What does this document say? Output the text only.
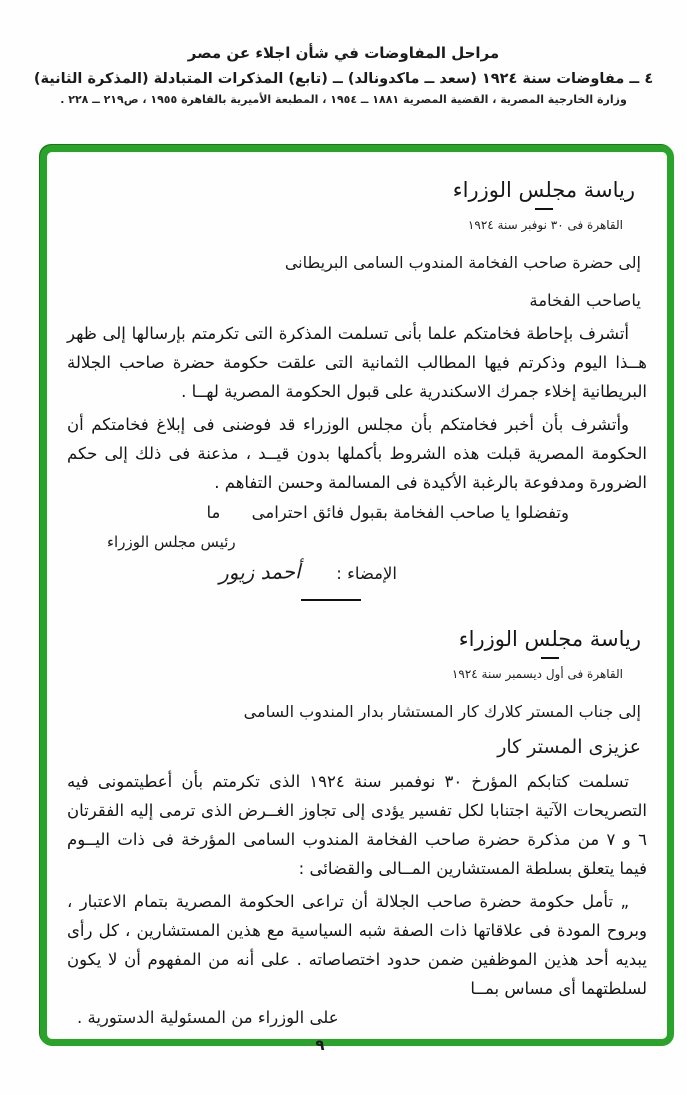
مراحل المفاوضات في شأن اجلاء عن مصر
٤ ــ مفاوضات سنة ١٩٢٤ (سعد ــ ماكدونالد) ــ (تابع) المذكرات المتبادلة (المذكرة الثانية)
وزارة الخارجية المصرية ، القضية المصرية ١٨٨١ ــ ١٩٥٤ ، المطبعة الأميرية بالقاهرة ١٩٥٥ ، ص٢١٩ ــ ٢٢٨ .
رياسة مجلس الوزراء
القاهرة فى ٣٠ نوفبر سنة ١٩٢٤
إلى حضرة صاحب الفخامة المندوب السامى البريطانى
ياصاحب الفخامة

أتشرف بإحاطة فخامتكم علما بأنى تسلمت المذكرة التى تكرمتم بإرسالها إلى ظهر هــذا اليوم وذكرتم فيها المطالب الثمانية التى علقت حكومة حضرة صاحب الجلالة البريطانية إخلاء جمرك الاسكندرية على قبول الحكومة المصرية لهــا .

وأتشرف بأن أخبر فخامتكم بأن مجلس الوزراء قد فوضنى فى إبلاغ فخامتكم أن الحكومة المصرية قبلت هذه الشروط بأكملها بدون قيــد ، مذعنة فى ذلك إلى حكم الضرورة ومدفوعة بالرغبة الأكيدة فى المسالمة وحسن التفاهم .

وتفضلوا يا صاحب الفخامة بقبول فائق احترامى ما
رئيس مجلس الوزراء
الإمضاء : أحمد زيور
رياسة مجلس الوزراء
القاهرة فى أول ديسمبر سنة ١٩٢٤
إلى جناب المستر كلارك كار المستشار بدار المندوب السامى
عزيزى المستر كار

تسلمت كتابكم المؤرخ ٣٠ نوفمبر سنة ١٩٢٤ الذى تكرمتم بأن أعطيتمونى فيه التصريحات الآتية اجتنابا لكل تفسير يؤدى إلى تجاوز الغــرض الذى ترمى إليه الفقرتان ٦ و ٧ من مذكرة حضرة صاحب الفخامة المندوب السامى المؤرخة فى ذات اليــوم فيما يتعلق بسلطة المستشارين المــالى والقضائى :

„ تأمل حكومة حضرة صاحب الجلالة أن تراعى الحكومة المصرية بتمام الاعتبار ، وبروح المودة فى علاقاتها ذات الصفة شبه السياسية مع هذين المستشارين ، كل رأى يبديه أحد هذين الموظفين ضمن حدود اختصاصاته . على أنه من المفهوم أن لا يكون لسلطتهما أى مساس بمــا

على الوزراء من المسئولية الدستورية .
٩
